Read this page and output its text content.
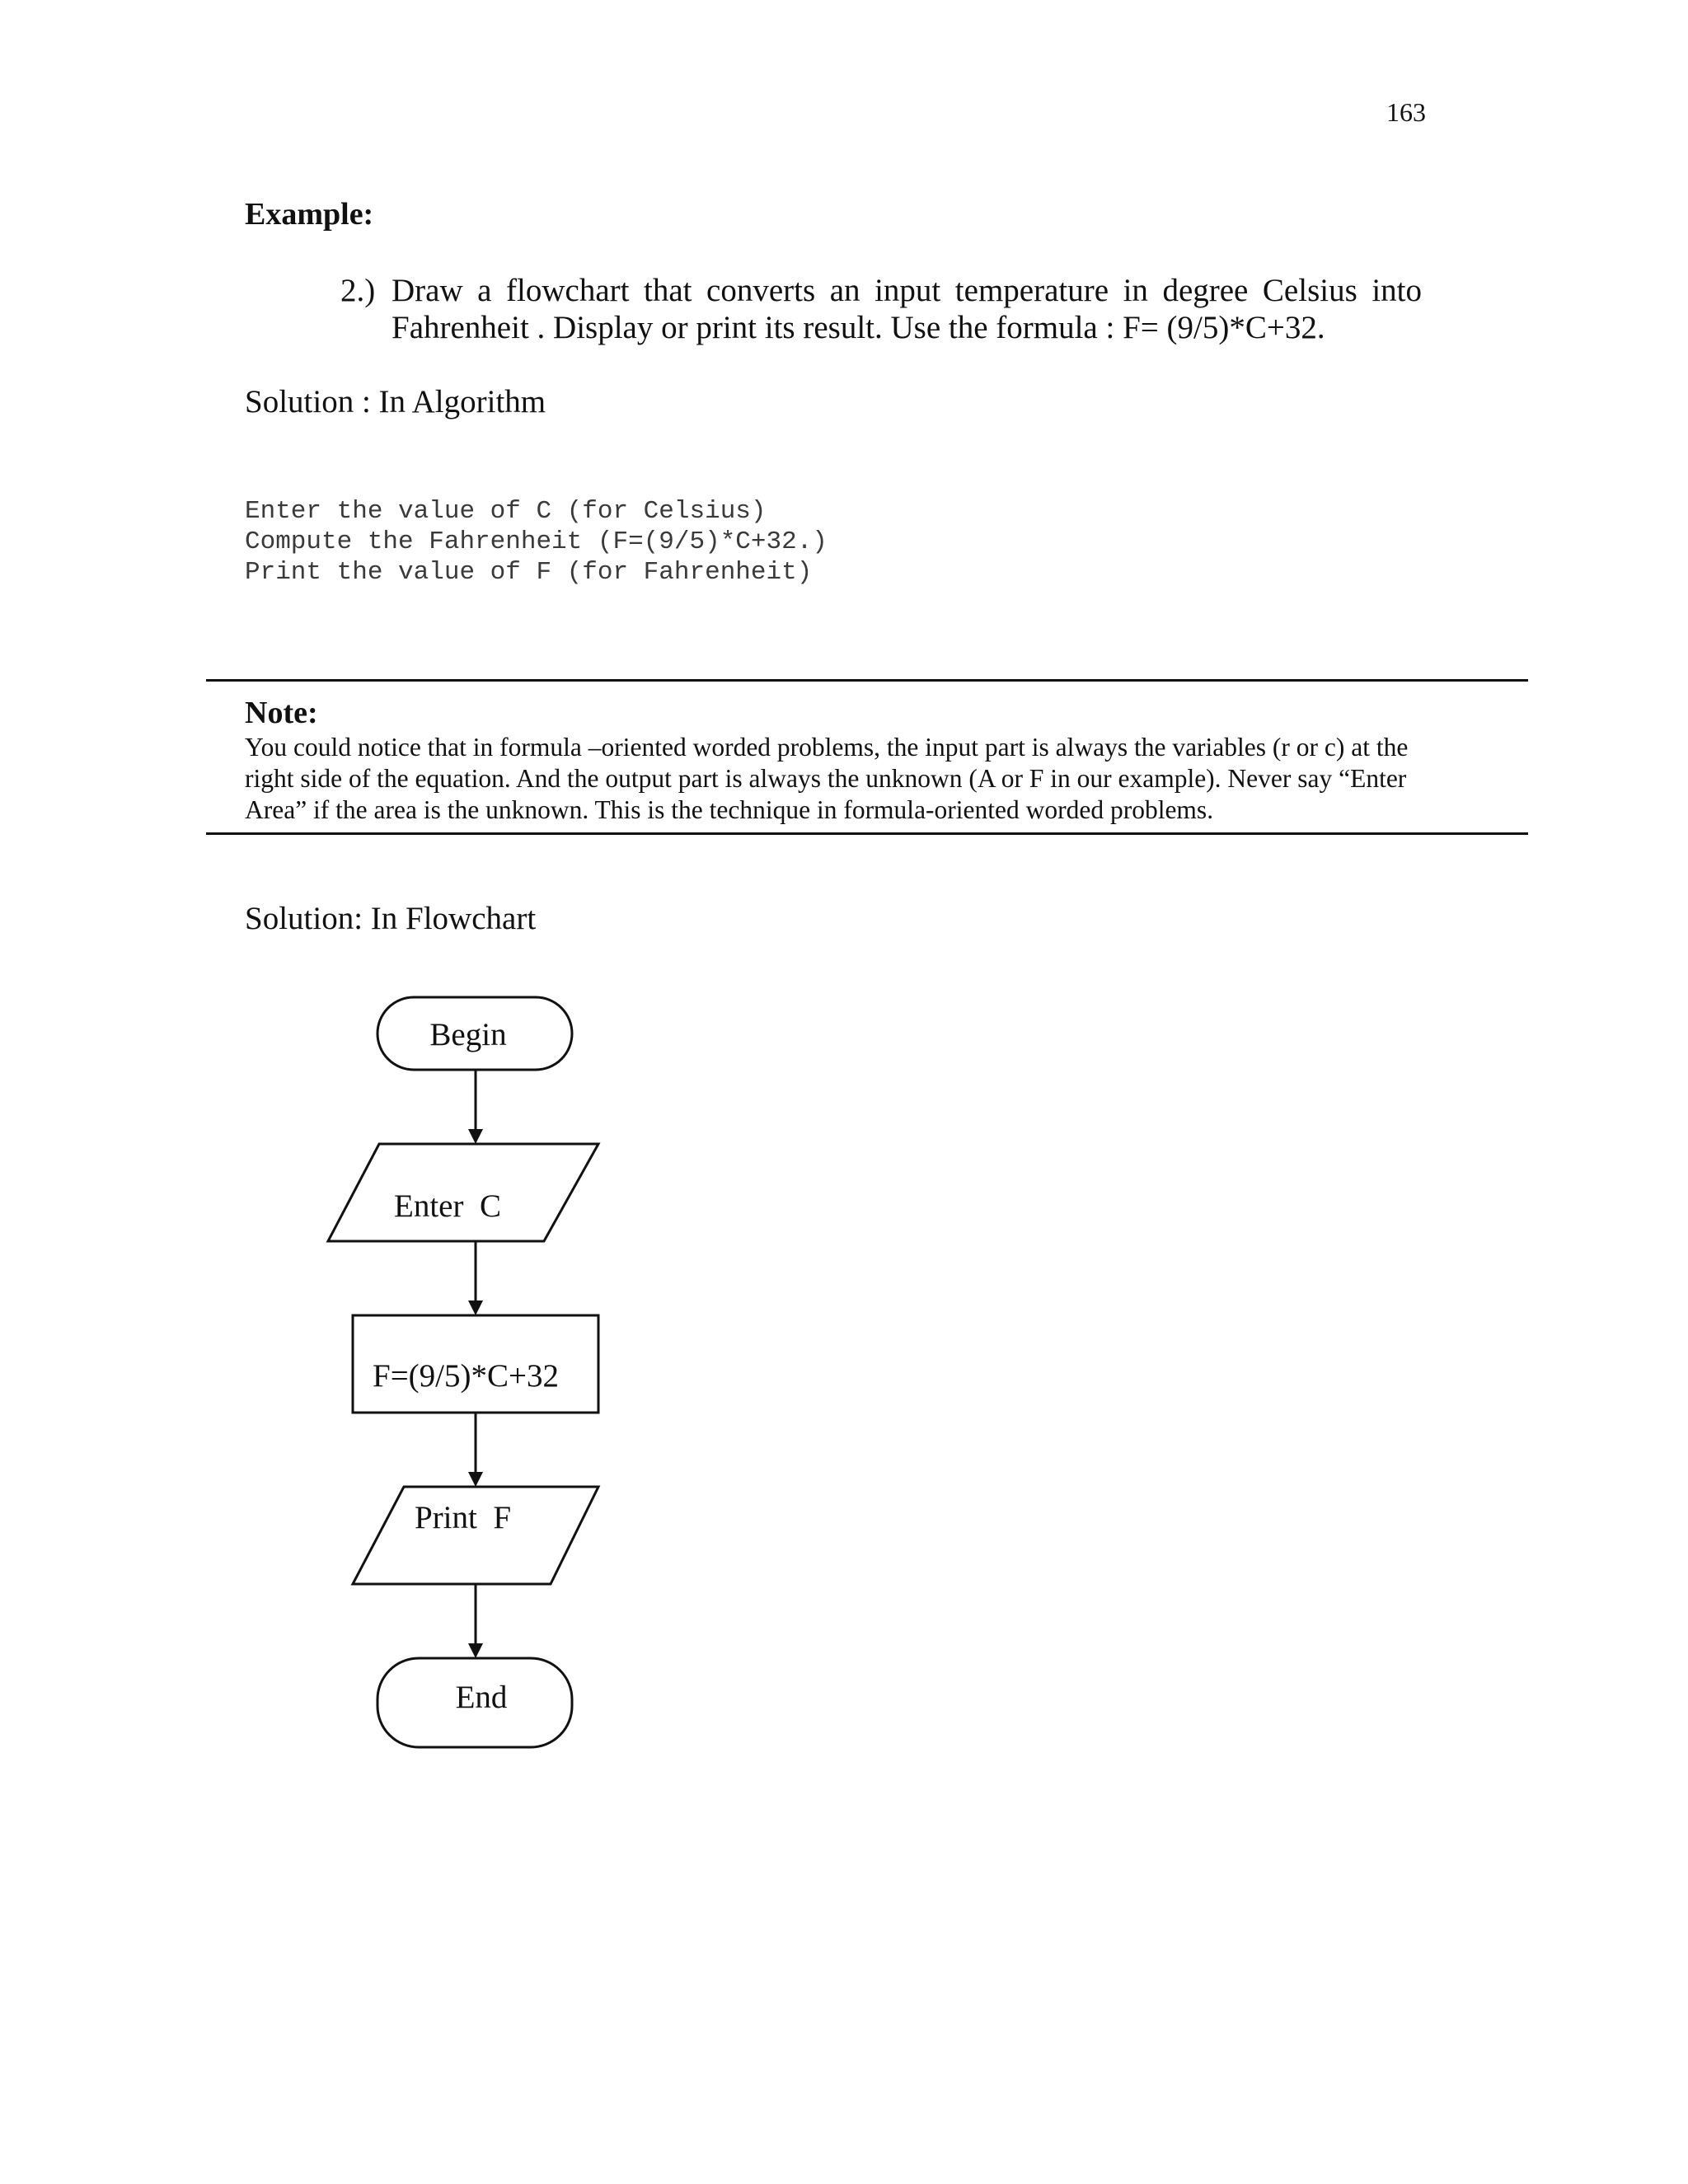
163
Example:
2.) Draw a flowchart that converts an input temperature in degree Celsius into Fahrenheit . Display or print its result. Use the formula : F= (9/5)*C+32.
Solution : In Algorithm
Enter the value of C (for Celsius)
Compute the Fahrenheit (F=(9/5)*C+32.)
Print the value of F (for Fahrenheit)
Note:
You could notice that in formula –oriented worded problems, the input part is always the variables (r or c) at the right side of the equation. And the output part is always the unknown (A or F in our example). Never say “Enter Area” if the area is the unknown. This is the technique in formula-oriented worded problems.
Solution: In Flowchart
Begin
Enter  C
F=(9/5)*C+32
Print  F
End
